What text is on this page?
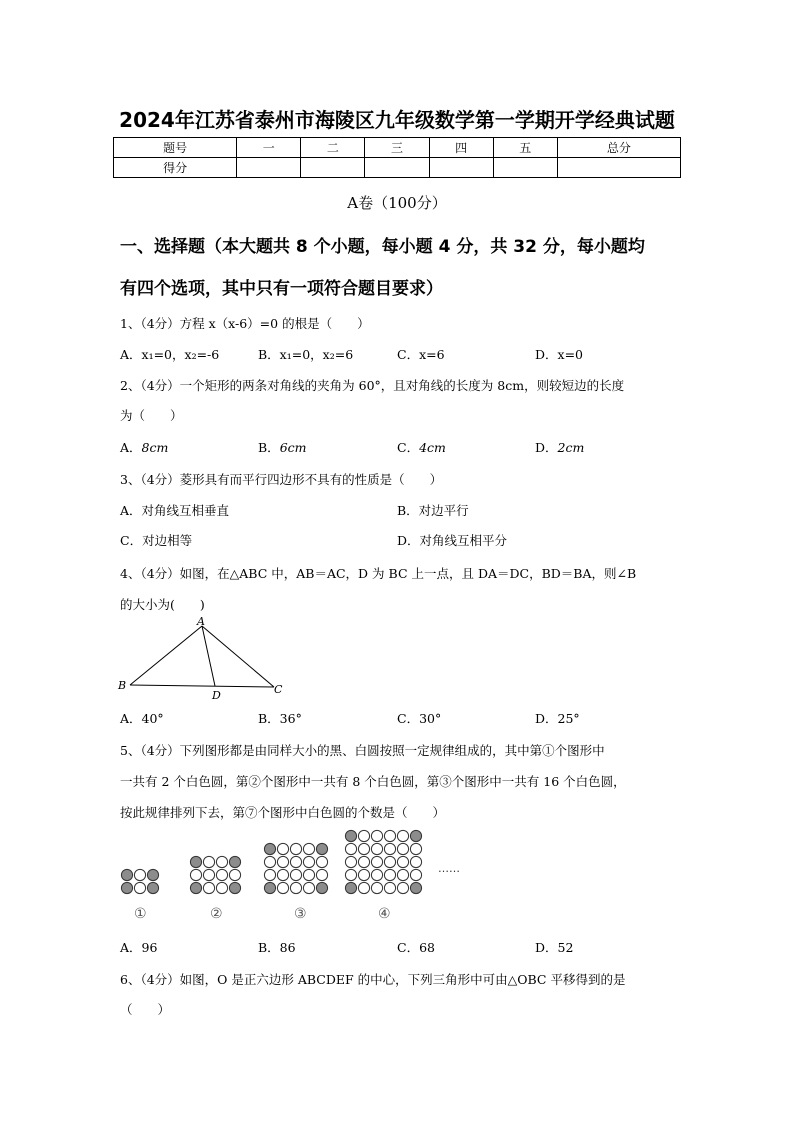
2024年江苏省泰州市海陵区九年级数学第一学期开学经典试题
题号	一	二	三	四	五	总分
得分						
A卷（100分）
一、选择题（本大题共 8 个小题，每小题 4 分，共 32 分，每小题均
有四个选项，其中只有一项符合题目要求）
1、（4分）方程 x（x-6）=0 的根是（　　）
A．x₁=0，x₂=-6	B．x₁=0，x₂=6	C．x=6	D．x=0
2、（4分）一个矩形的两条对角线的夹角为 60°，且对角线的长度为 8cm，则较短边的长度
为（　　）
A．8cm	B．6cm	C．4cm	D．2cm
3、（4分）菱形具有而平行四边形不具有的性质是（　　）
A．对角线互相垂直	B．对边平行
C．对边相等	D．对角线互相平分
4、（4分）如图，在△ABC 中，AB＝AC，D 为 BC 上一点，且 DA＝DC，BD＝BA，则∠B
的大小为(　　)
A
B
D	C
A．40°	B．36°	C．30°	D．25°
5、（4分）下列图形都是由同样大小的黑、白圆按照一定规律组成的，其中第①个图形中
一共有 2 个白色圆，第②个图形中一共有 8 个白色圆，第③个图形中一共有 16 个白色圆，
按此规律排列下去，第⑦个图形中白色圆的个数是（　　）
①	②	③	④
……
A．96	B．86	C．68	D．52
6、（4分）如图，O 是正六边形 ABCDEF 的中心，下列三角形中可由△OBC 平移得到的是
（　　）
